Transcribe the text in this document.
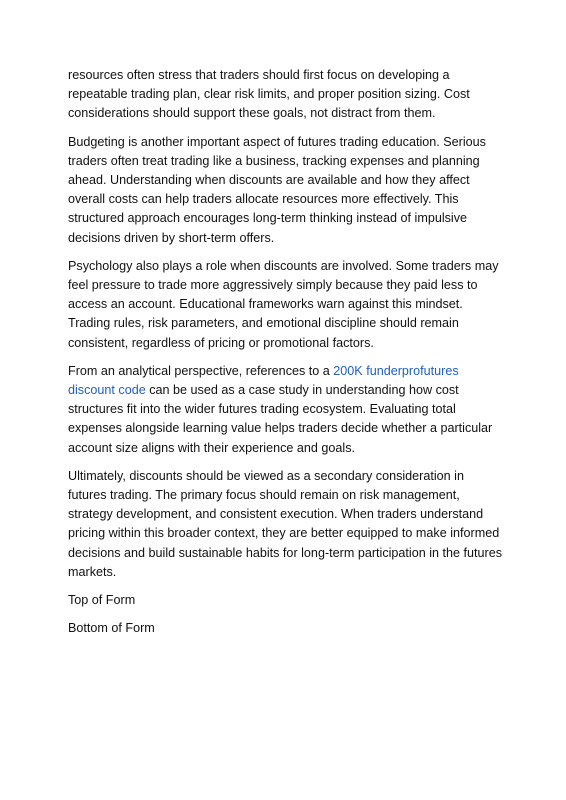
resources often stress that traders should first focus on developing a repeatable trading plan, clear risk limits, and proper position sizing. Cost considerations should support these goals, not distract from them.

Budgeting is another important aspect of futures trading education. Serious traders often treat trading like a business, tracking expenses and planning ahead. Understanding when discounts are available and how they affect overall costs can help traders allocate resources more effectively. This structured approach encourages long-term thinking instead of impulsive decisions driven by short-term offers.

Psychology also plays a role when discounts are involved. Some traders may feel pressure to trade more aggressively simply because they paid less to access an account. Educational frameworks warn against this mindset. Trading rules, risk parameters, and emotional discipline should remain consistent, regardless of pricing or promotional factors.

From an analytical perspective, references to a 200K funderprofutures discount code can be used as a case study in understanding how cost structures fit into the wider futures trading ecosystem. Evaluating total expenses alongside learning value helps traders decide whether a particular account size aligns with their experience and goals.

Ultimately, discounts should be viewed as a secondary consideration in futures trading. The primary focus should remain on risk management, strategy development, and consistent execution. When traders understand pricing within this broader context, they are better equipped to make informed decisions and build sustainable habits for long-term participation in the futures markets.

Top of Form

Bottom of Form
